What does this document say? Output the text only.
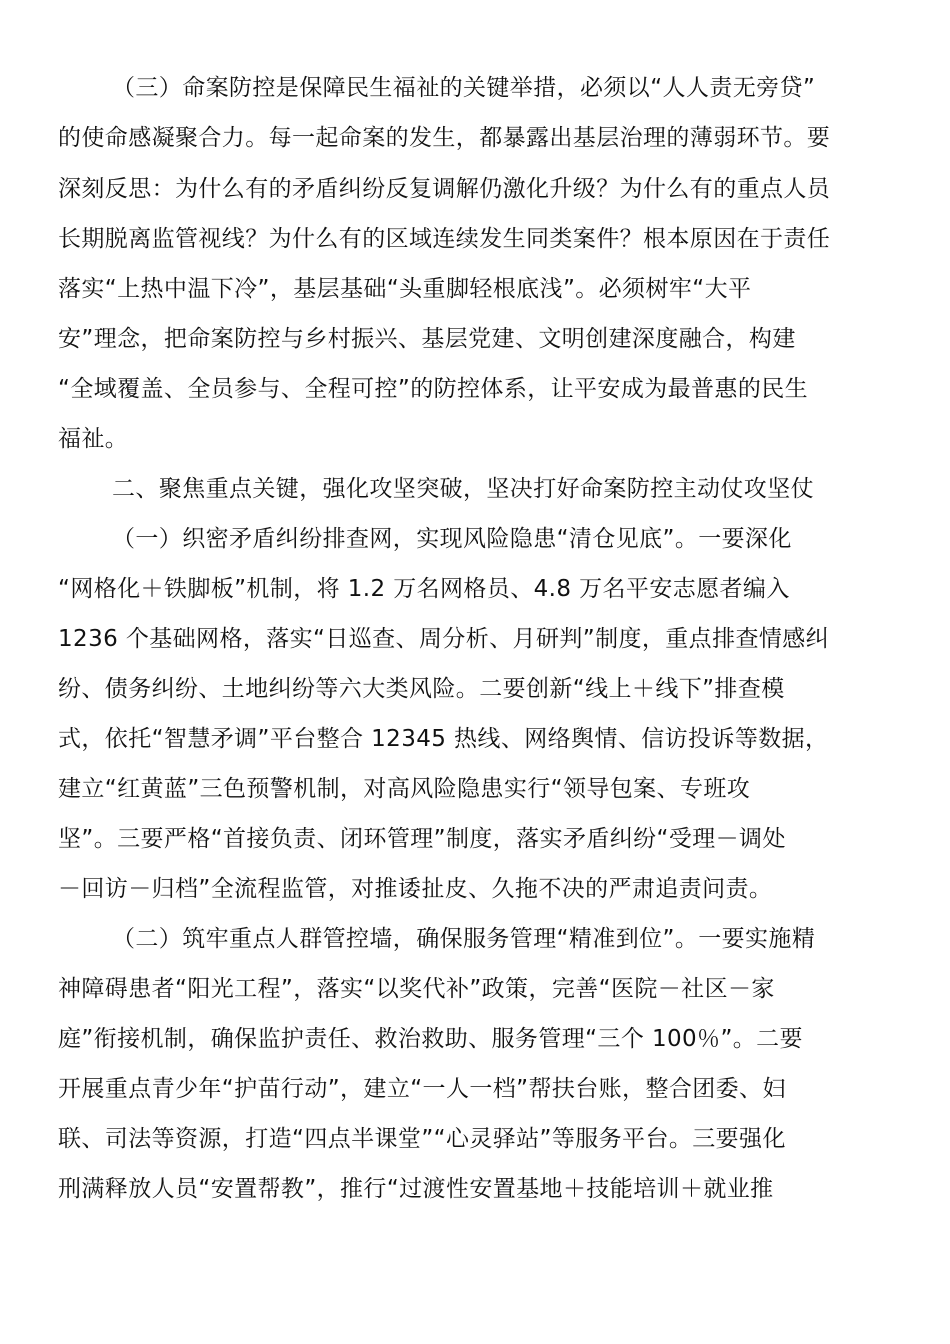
（三）命案防控是保障民生福祉的关键举措，必须以“人人责无旁贷”
的使命感凝聚合力。每一起命案的发生，都暴露出基层治理的薄弱环节。要
深刻反思：为什么有的矛盾纠纷反复调解仍激化升级？为什么有的重点人员
长期脱离监管视线？为什么有的区域连续发生同类案件？根本原因在于责任
落实“上热中温下冷”，基层基础“头重脚轻根底浅”。必须树牢“大平
安”理念，把命案防控与乡村振兴、基层党建、文明创建深度融合，构建
“全域覆盖、全员参与、全程可控”的防控体系，让平安成为最普惠的民生
福祉。
二、聚焦重点关键，强化攻坚突破，坚决打好命案防控主动仗攻坚仗
（一）织密矛盾纠纷排查网，实现风险隐患“清仓见底”。一要深化
“网格化＋铁脚板”机制，将 1.2 万名网格员、4.8 万名平安志愿者编入
1236 个基础网格，落实“日巡查、周分析、月研判”制度，重点排查情感纠
纷、债务纠纷、土地纠纷等六大类风险。二要创新“线上＋线下”排查模
式，依托“智慧矛调”平台整合 12345 热线、网络舆情、信访投诉等数据，
建立“红黄蓝”三色预警机制，对高风险隐患实行“领导包案、专班攻
坚”。三要严格“首接负责、闭环管理”制度，落实矛盾纠纷“受理－调处
－回访－归档”全流程监管，对推诿扯皮、久拖不决的严肃追责问责。
（二）筑牢重点人群管控墙，确保服务管理“精准到位”。一要实施精
神障碍患者“阳光工程”，落实“以奖代补”政策，完善“医院－社区－家
庭”衔接机制，确保监护责任、救治救助、服务管理“三个 100％”。二要
开展重点青少年“护苗行动”，建立“一人一档”帮扶台账，整合团委、妇
联、司法等资源，打造“四点半课堂”“心灵驿站”等服务平台。三要强化
刑满释放人员“安置帮教”，推行“过渡性安置基地＋技能培训＋就业推
